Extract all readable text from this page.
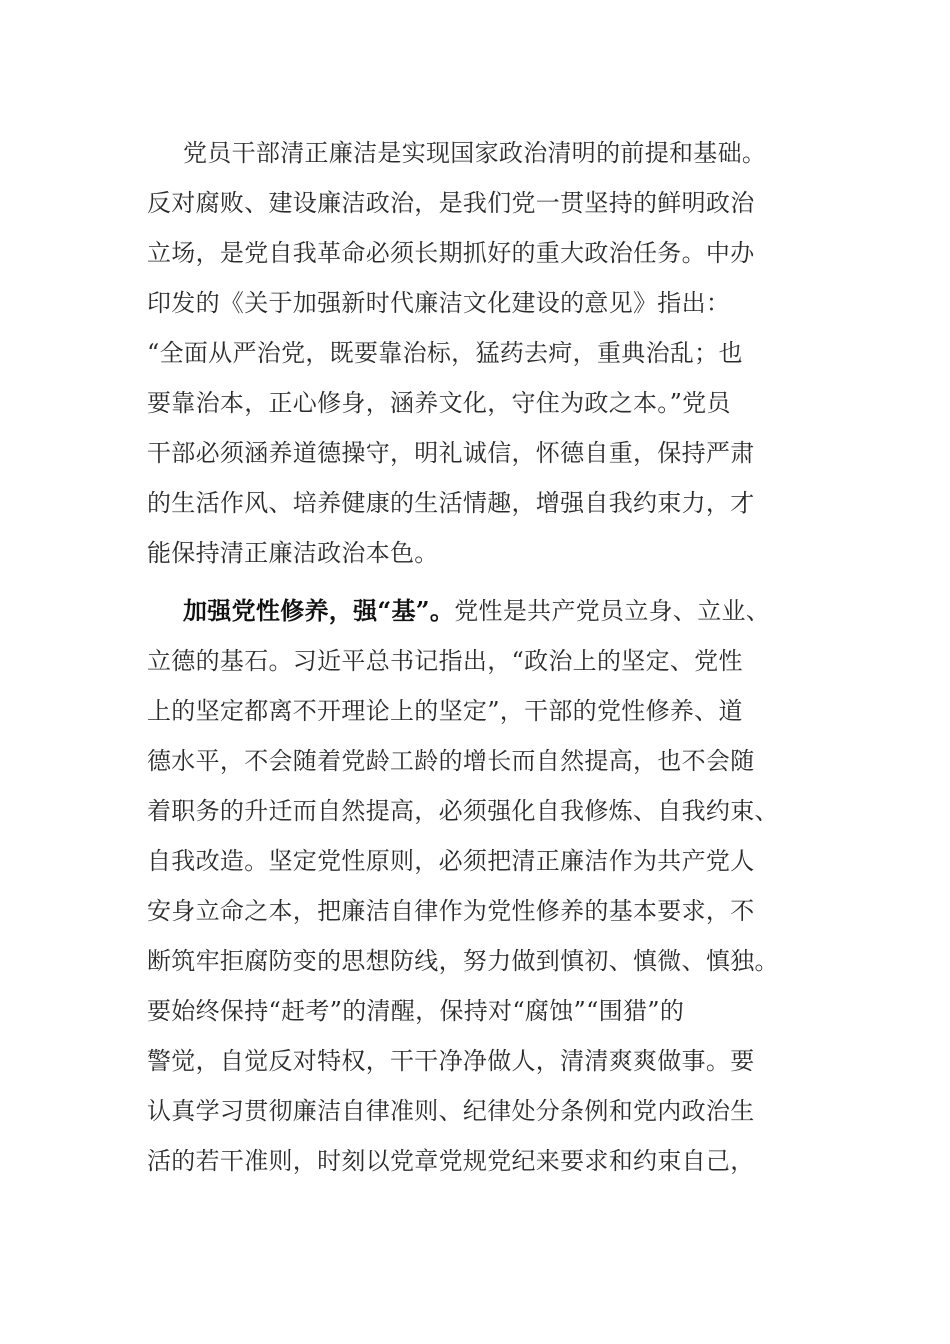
党员干部清正廉洁是实现国家政治清明的前提和基础。
反对腐败、建设廉洁政治，是我们党一贯坚持的鲜明政治
立场，是党自我革命必须长期抓好的重大政治任务。中办
印发的《关于加强新时代廉洁文化建设的意见》指出：
“全面从严治党，既要靠治标，猛药去疴，重典治乱；也
要靠治本，正心修身，涵养文化，守住为政之本。”党员
干部必须涵养道德操守，明礼诚信，怀德自重，保持严肃
的生活作风、培养健康的生活情趣，增强自我约束力，才
能保持清正廉洁政治本色。
加强党性修养，强“基”。党性是共产党员立身、立业、
立德的基石。习近平总书记指出，“政治上的坚定、党性
上的坚定都离不开理论上的坚定”，干部的党性修养、道
德水平，不会随着党龄工龄的增长而自然提高，也不会随
着职务的升迁而自然提高，必须强化自我修炼、自我约束、
自我改造。坚定党性原则，必须把清正廉洁作为共产党人
安身立命之本，把廉洁自律作为党性修养的基本要求，不
断筑牢拒腐防变的思想防线，努力做到慎初、慎微、慎独。
要始终保持“赶考”的清醒，保持对“腐蚀”“围猎”的
警觉，自觉反对特权，干干净净做人，清清爽爽做事。要
认真学习贯彻廉洁自律准则、纪律处分条例和党内政治生
活的若干准则，时刻以党章党规党纪来要求和约束自己，
